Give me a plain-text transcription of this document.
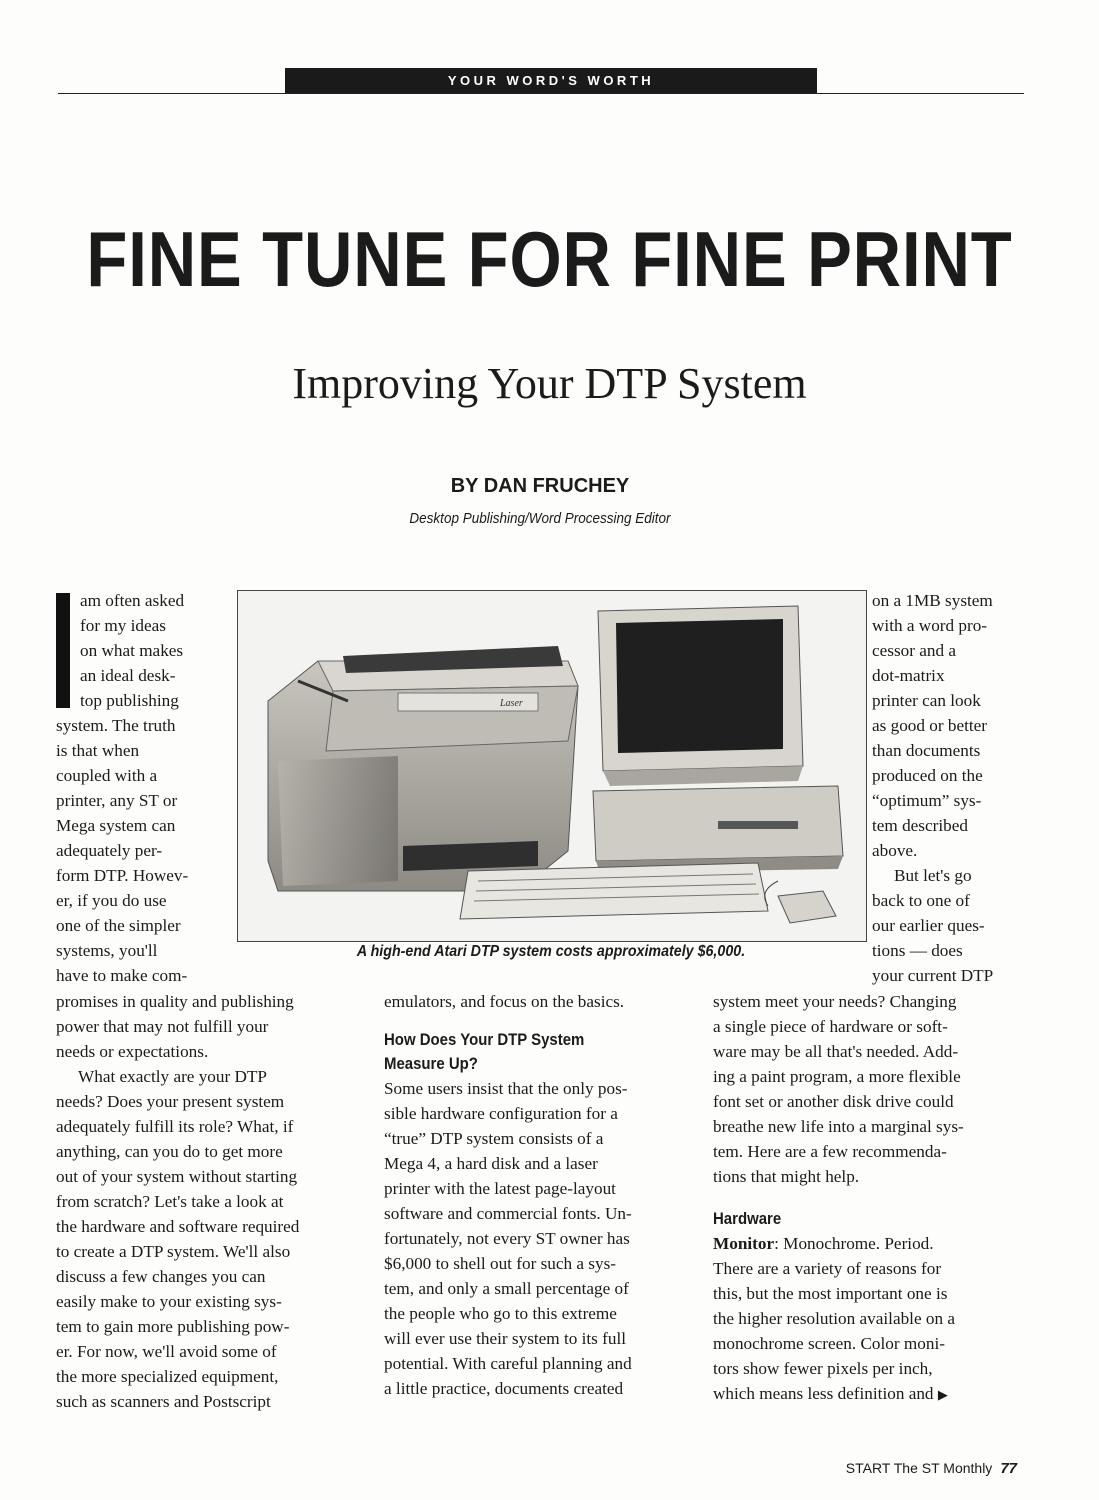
YOUR WORD'S WORTH
FINE TUNE FOR FINE PRINT
Improving Your DTP System
BY DAN FRUCHEY
Desktop Publishing/Word Processing Editor
Laser
A high-end Atari DTP system costs approximately $6,000.
am often asked
for my ideas
on what makes
an ideal desk-
top publishing
system. The truth
is that when
coupled with a
printer, any ST or
Mega system can
adequately per-
form DTP. Howev-
er, if you do use
one of the simpler
systems, you'll
have to make com-
promises in quality and publishing
power that may not fulfill your
needs or expectations.
What exactly are your DTP
needs? Does your present system
adequately fulfill its role? What, if
anything, can you do to get more
out of your system without starting
from scratch? Let's take a look at
the hardware and software required
to create a DTP system. We'll also
discuss a few changes you can
easily make to your existing sys-
tem to gain more publishing pow-
er. For now, we'll avoid some of
the more specialized equipment,
such as scanners and Postscript
emulators, and focus on the basics.
How Does Your DTP System
Measure Up?
Some users insist that the only pos-
sible hardware configuration for a
“true” DTP system consists of a
Mega 4, a hard disk and a laser
printer with the latest page-layout
software and commercial fonts. Un-
fortunately, not every ST owner has
$6,000 to shell out for such a sys-
tem, and only a small percentage of
the people who go to this extreme
will ever use their system to its full
potential. With careful planning and
a little practice, documents created
on a 1MB system
with a word pro-
cessor and a
dot-matrix
printer can look
as good or better
than documents
produced on the
“optimum” sys-
tem described
above.
But let's go
back to one of
our earlier ques-
tions — does
your current DTP
system meet your needs? Changing
a single piece of hardware or soft-
ware may be all that's needed. Add-
ing a paint program, a more flexible
font set or another disk drive could
breathe new life into a marginal sys-
tem. Here are a few recommenda-
tions that might help.
Hardware
Monitor: Monochrome. Period.
There are a variety of reasons for
this, but the most important one is
the higher resolution available on a
monochrome screen. Color moni-
tors show fewer pixels per inch,
which means less definition and ▶
START The ST Monthly 77
